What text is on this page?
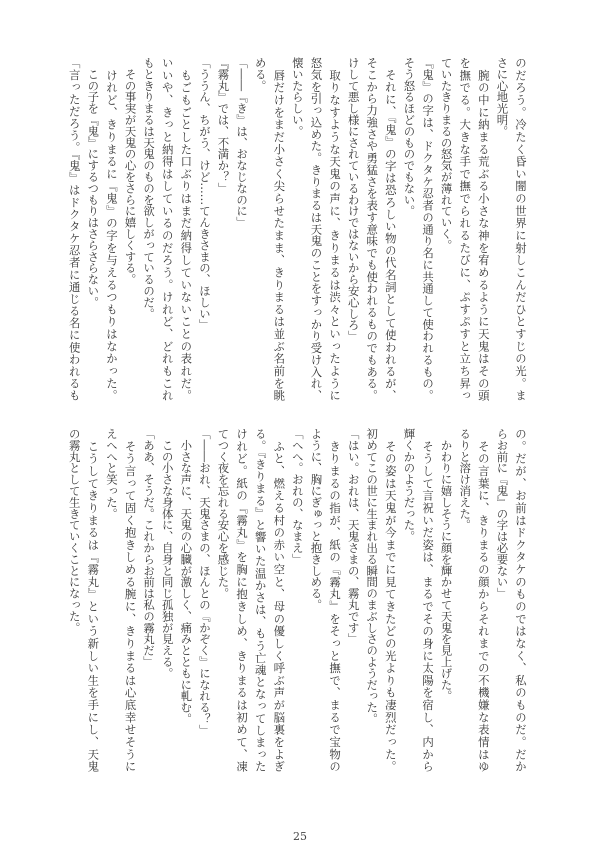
のだろう。冷たく昏い闇の世界に射しこんだひとすじの光。ま
さに心地光明。
　腕の中に納まる荒ぶる小さな神を宥めるように天鬼はその頭
を撫でる。大きな手で撫でられるたびに、ぷすぷすと立ち昇っ
ていたきりまるの怒気が薄れていく。
『鬼』の字は、ドクタケ忍者の通り名に共通して使われるもの。
そう怒るほどのものでもない。
　それに、『鬼』の字は恐ろしい物の代名詞として使われるが、
そこから力強さや勇猛さを表す意味でも使われるものでもある。
けして悪し様にされているわけではないから安心しろ」
　取りなすような天鬼の声に、きりまるは渋々といったように
怒気を引っ込めた。きりまるは天鬼のことをすっかり受け入れ、
懐いたらしい。
　唇だけをまだ小さく尖らせたまま、きりまるは並ぶ名前を眺
める。
「――『き』は、おなじなのに」
『霧丸』では、不満か？」
「ううん、ちがう、けど……てんきさまの、ほしい」
　もごもごとした口ぶりはまだ納得していないことの表れだ。
いいや、きっと納得はしているのだろう。けれど、どれもこれ
もときりまるは天鬼のものを欲しがっているのだ。
　その事実が天鬼の心をさらに嬉しくする。
　けれど、きりまるに『鬼』の字を与えるつもりはなかった。
　この子を『鬼』にするつもりはさらさらない。
「言っただろう。『鬼』はドクタケ忍者に通じる名に使われるも
の。だが、お前はドクタケのものではなく、私のものだ。だか
らお前に『鬼』の字は必要ない」
　その言葉に、きりまるの顔からそれまでの不機嫌な表情はゆ
るりと溶け消えた。
　かわりに嬉しそうに顔を輝かせて天鬼を見上げた。
　そうして言祝いだ姿は、まるでその身に太陽を宿し、内から
輝くかのようだった。
　その姿は天鬼が今までに見てきたどの光よりも凄烈だった。
初めてこの世に生まれ出る瞬間のまぶしさのようだった。
「はい。おれは、天鬼さまの、霧丸です」
　きりまるの指が、紙の『霧丸』をそっと撫で、まるで宝物の
ように、胸にぎゅっと抱きしめる。
「へへ。おれの、なまえ」
　ふと、燃える村の赤い空と、母の優しく呼ぶ声が脳裏をよぎ
る。『きりまる』と響いた温かさは、もう亡魂となってしまった
けれど。紙の『霧丸』を胸に抱きしめ、きりまるは初めて、凍
てつく夜を忘れる安心を感じた。
「――おれ、天鬼さまの、ほんとの『かぞく』になれる？」
　小さな声に、天鬼の心臓が激しく、痛みとともに軋む。
　この小さな身体に、自身と同じ孤独が見える。
「ああ、そうだ。これからお前は私の霧丸だ」
　そう言って固く抱きしめる腕に、きりまるは心底幸せそうに
えへへと笑った。
　こうしてきりまるは『霧丸』という新しい生を手にし、天鬼
の霧丸として生きていくことになった。
25
